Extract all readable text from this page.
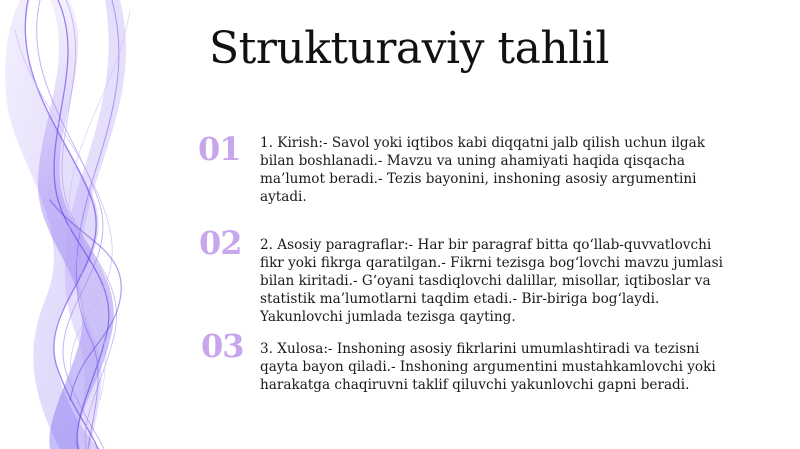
Strukturaviy tahlil
01 1. Kirish:- Savol yoki iqtibos kabi diqqatni jalb qilish uchun ilgak bilan boshlanadi.- Mavzu va uning ahamiyati haqida qisqacha ma’lumot beradi.- Tezis bayonini, inshoning asosiy argumentini aytadi.
02 2. Asosiy paragraflar:- Har bir paragraf bitta qo‘llab-quvvatlovchi fikr yoki fikrga qaratilgan.- Fikrni tezisga bog‘lovchi mavzu jumlasi bilan kiritadi.- G‘oyani tasdiqlovchi dalillar, misollar, iqtiboslar va statistik ma’lumotlarni taqdim etadi.- Bir-biriga bog‘laydi. Yakunlovchi jumlada tezisga qayting.
03 3. Xulosa:- Inshoning asosiy fikrlarini umumlashtiradi va tezisni qayta bayon qiladi.- Inshoning argumentini mustahkamlovchi yoki harakatga chaqiruvni taklif qiluvchi yakunlovchi gapni beradi.
